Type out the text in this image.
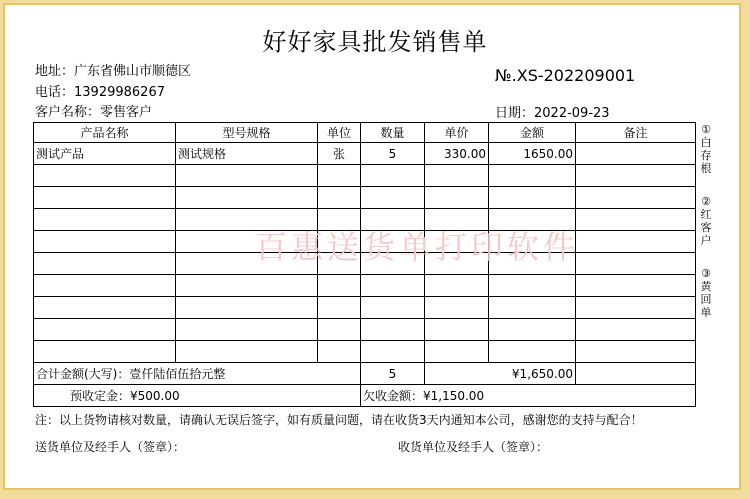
好好家具批发销售单
地址：广东省佛山市顺德区
电话：13929986267
客户名称：零售客户
№.XS-202209001
日期：2022-09-23
产品名称	型号规格	单位	数量	单价	金额	备注
测试产品	测试规格	张	5	330.00	1650.00	

合计金额(大写)：壹仟陆佰伍拾元整			5	¥1,650.00		
预收定金：¥500.00			欠收金额：¥1,150.00			
百惠送货单打印软件
①白存根
②红客户
③黄回单
注：以上货物请核对数量，请确认无误后签字，如有质量问题，请在收货3天内通知本公司，感谢您的支持与配合！
送货单位及经手人（签章）：	收货单位及经手人（签章）：
